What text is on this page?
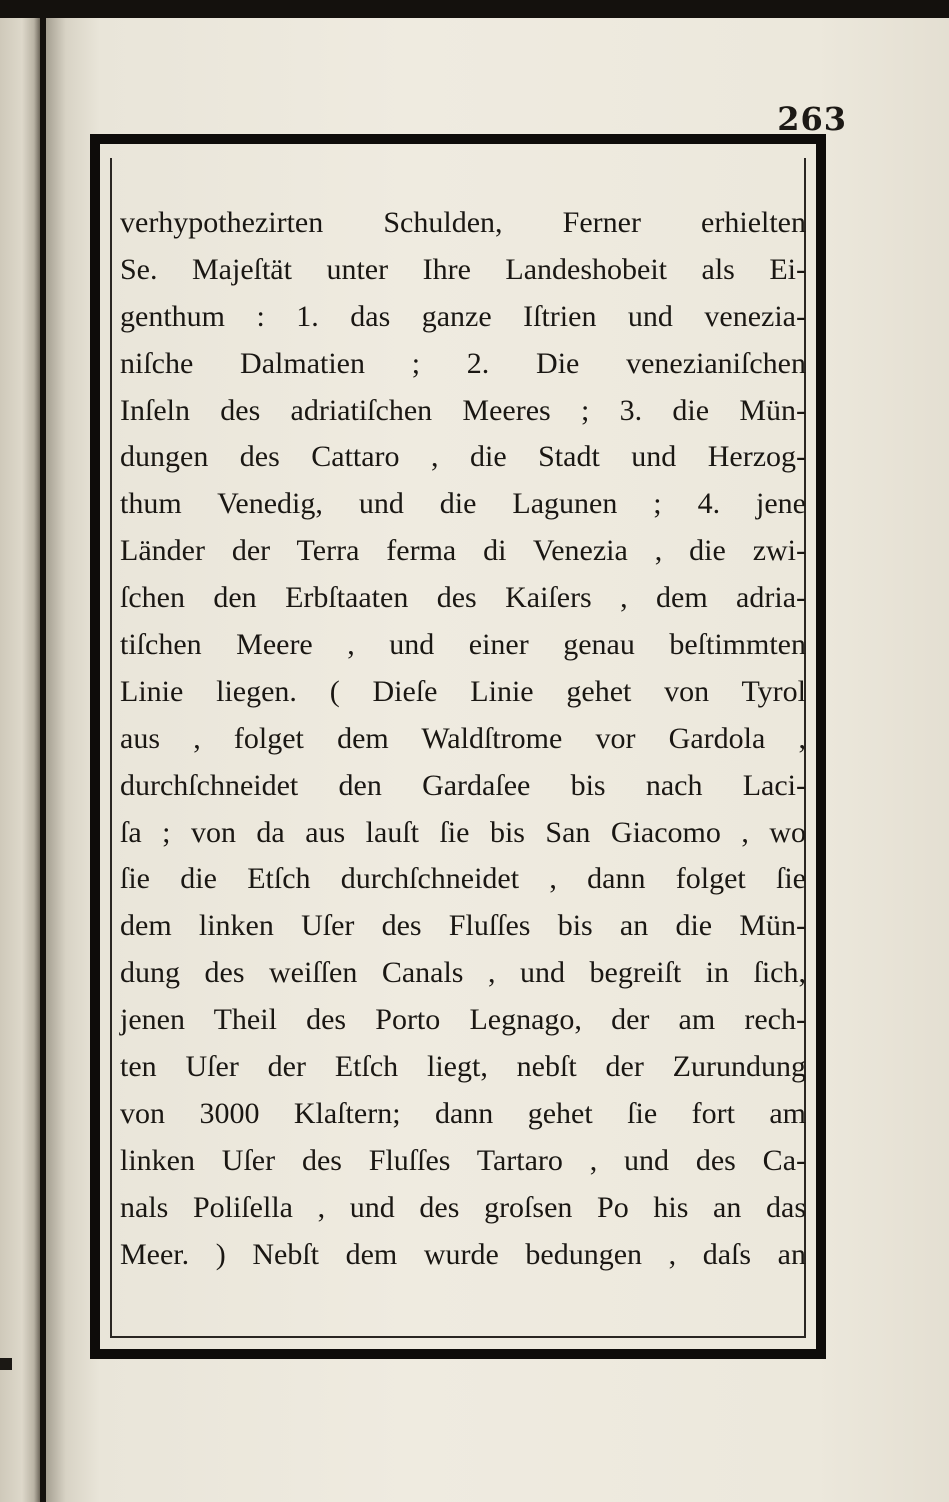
263
verhypothezirten Schulden, Ferner erhielten
Se. Majeſtät unter Ihre Landeshobeit als Ei-
genthum : 1. das ganze Iſtrien und venezia-
niſche Dalmatien ; 2. Die venezianiſchen
Inſeln des adriatiſchen Meeres ; 3. die Mün-
dungen des Cattaro , die Stadt und Herzog-
thum Venedig, und die Lagunen ; 4. jene
Länder der Terra ferma di Venezia , die zwi-
ſchen den Erbſtaaten des Kaiſers , dem adria-
tiſchen Meere , und einer genau beſtimmten
Linie liegen. ( Dieſe Linie gehet von Tyrol
aus , folget dem Waldſtrome vor Gardola ,
durchſchneidet den Gardaſee bis nach Laci-
ſa ; von da aus lauſt ſie bis San Giacomo , wo
ſie die Etſch durchſchneidet , dann folget ſie
dem linken Uſer des Fluſſes bis an die Mün-
dung des weiſſen Canals , und begreiſt in ſich,
jenen Theil des Porto Legnago, der am rech-
ten Uſer der Etſch liegt, nebſt der Zurundung
von 3000 Klaſtern; dann gehet ſie fort am
linken Uſer des Fluſſes Tartaro , und des Ca-
nals Poliſella , und des groſsen Po his an das
Meer. ) Nebſt dem wurde bedungen , daſs an
